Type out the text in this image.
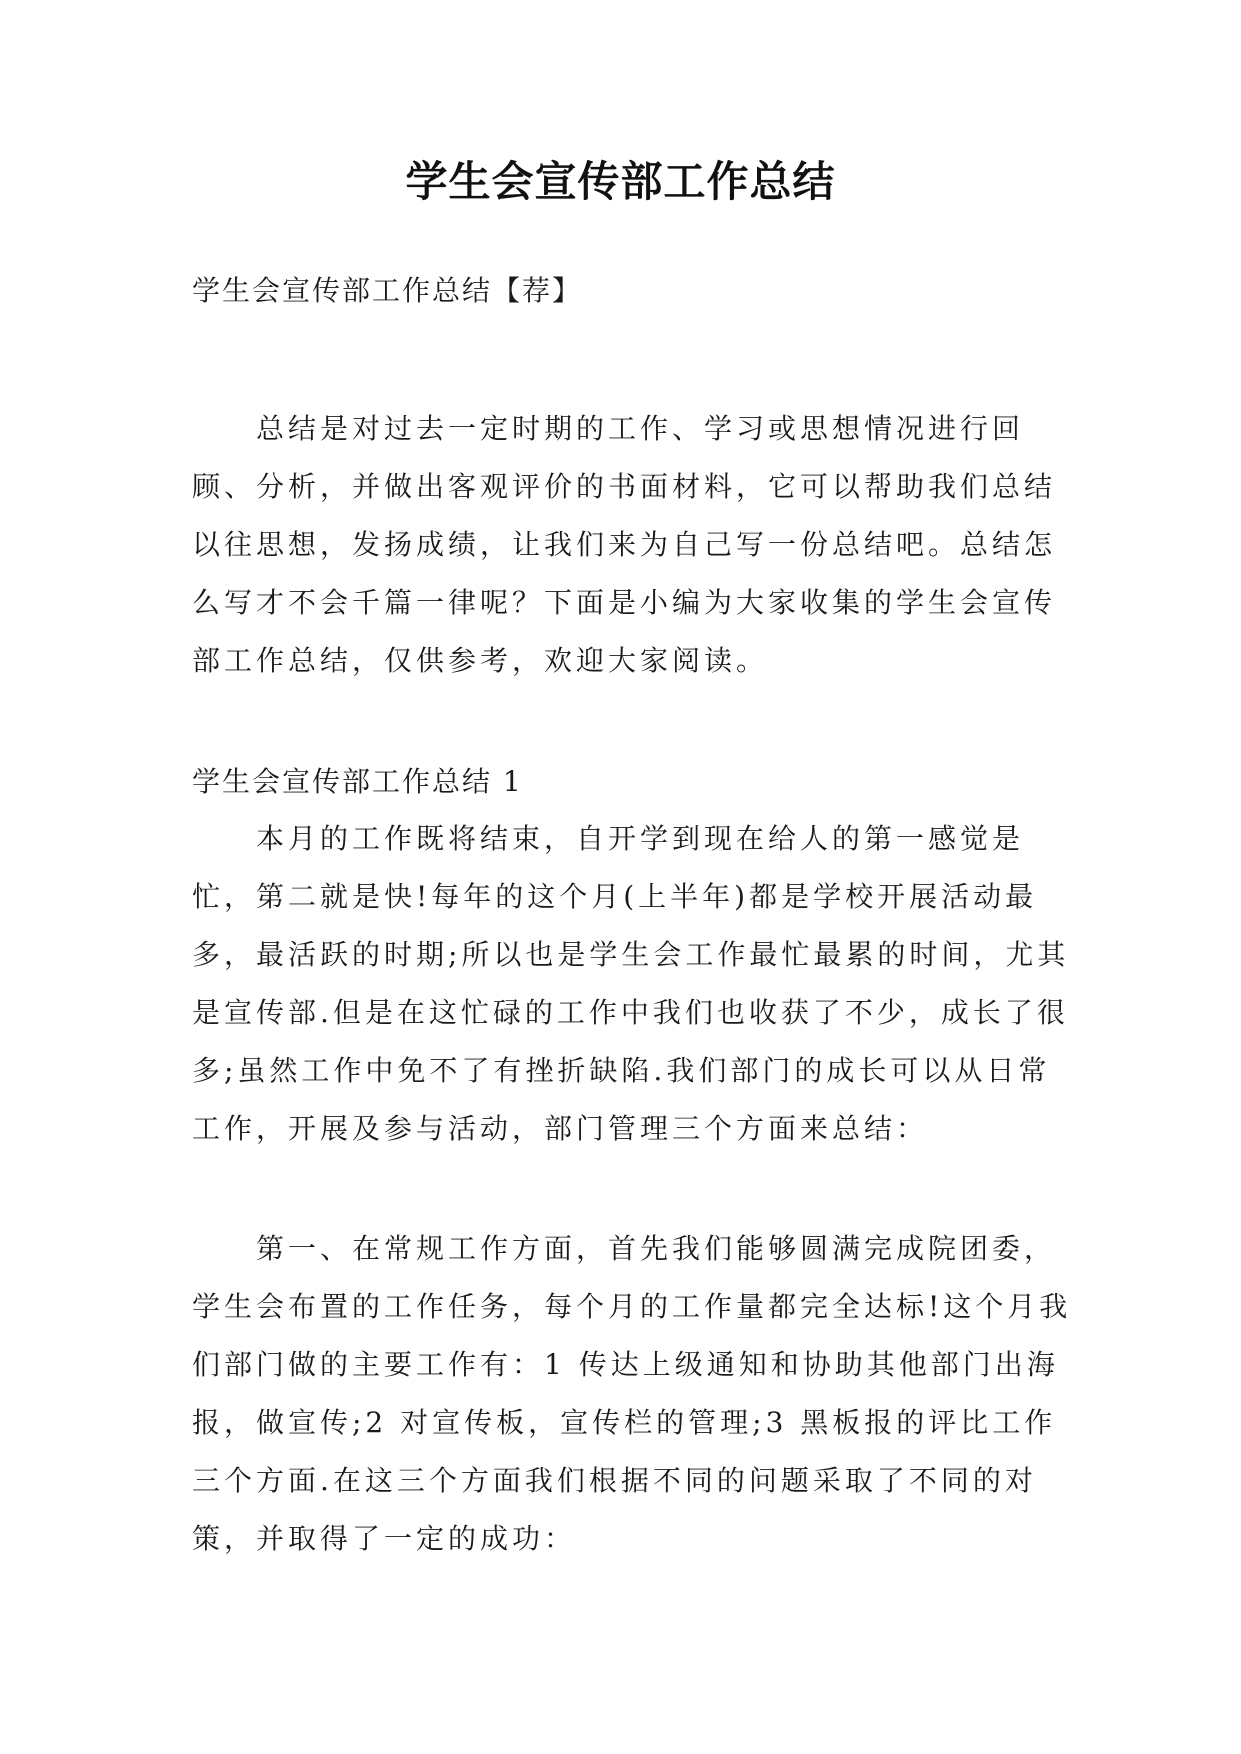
学生会宣传部工作总结
学生会宣传部工作总结【荐】

总结是对过去一定时期的工作、学习或思想情况进行回顾、分析，并做出客观评价的书面材料，它可以帮助我们总结以往思想，发扬成绩，让我们来为自己写一份总结吧。总结怎么写才不会千篇一律呢？下面是小编为大家收集的学生会宣传部工作总结，仅供参考，欢迎大家阅读。

学生会宣传部工作总结 1

本月的工作既将结束，自开学到现在给人的第一感觉是忙，第二就是快!每年的这个月(上半年)都是学校开展活动最多，最活跃的时期;所以也是学生会工作最忙最累的时间，尤其是宣传部.但是在这忙碌的工作中我们也收获了不少，成长了很多;虽然工作中免不了有挫折缺陷.我们部门的成长可以从日常工作，开展及参与活动，部门管理三个方面来总结：

第一、在常规工作方面，首先我们能够圆满完成院团委，学生会布置的工作任务，每个月的工作量都完全达标!这个月我们部门做的主要工作有：1 传达上级通知和协助其他部门出海报，做宣传;2 对宣传板，宣传栏的管理;3 黑板报的评比工作三个方面.在这三个方面我们根据不同的问题采取了不同的对策，并取得了一定的成功：
